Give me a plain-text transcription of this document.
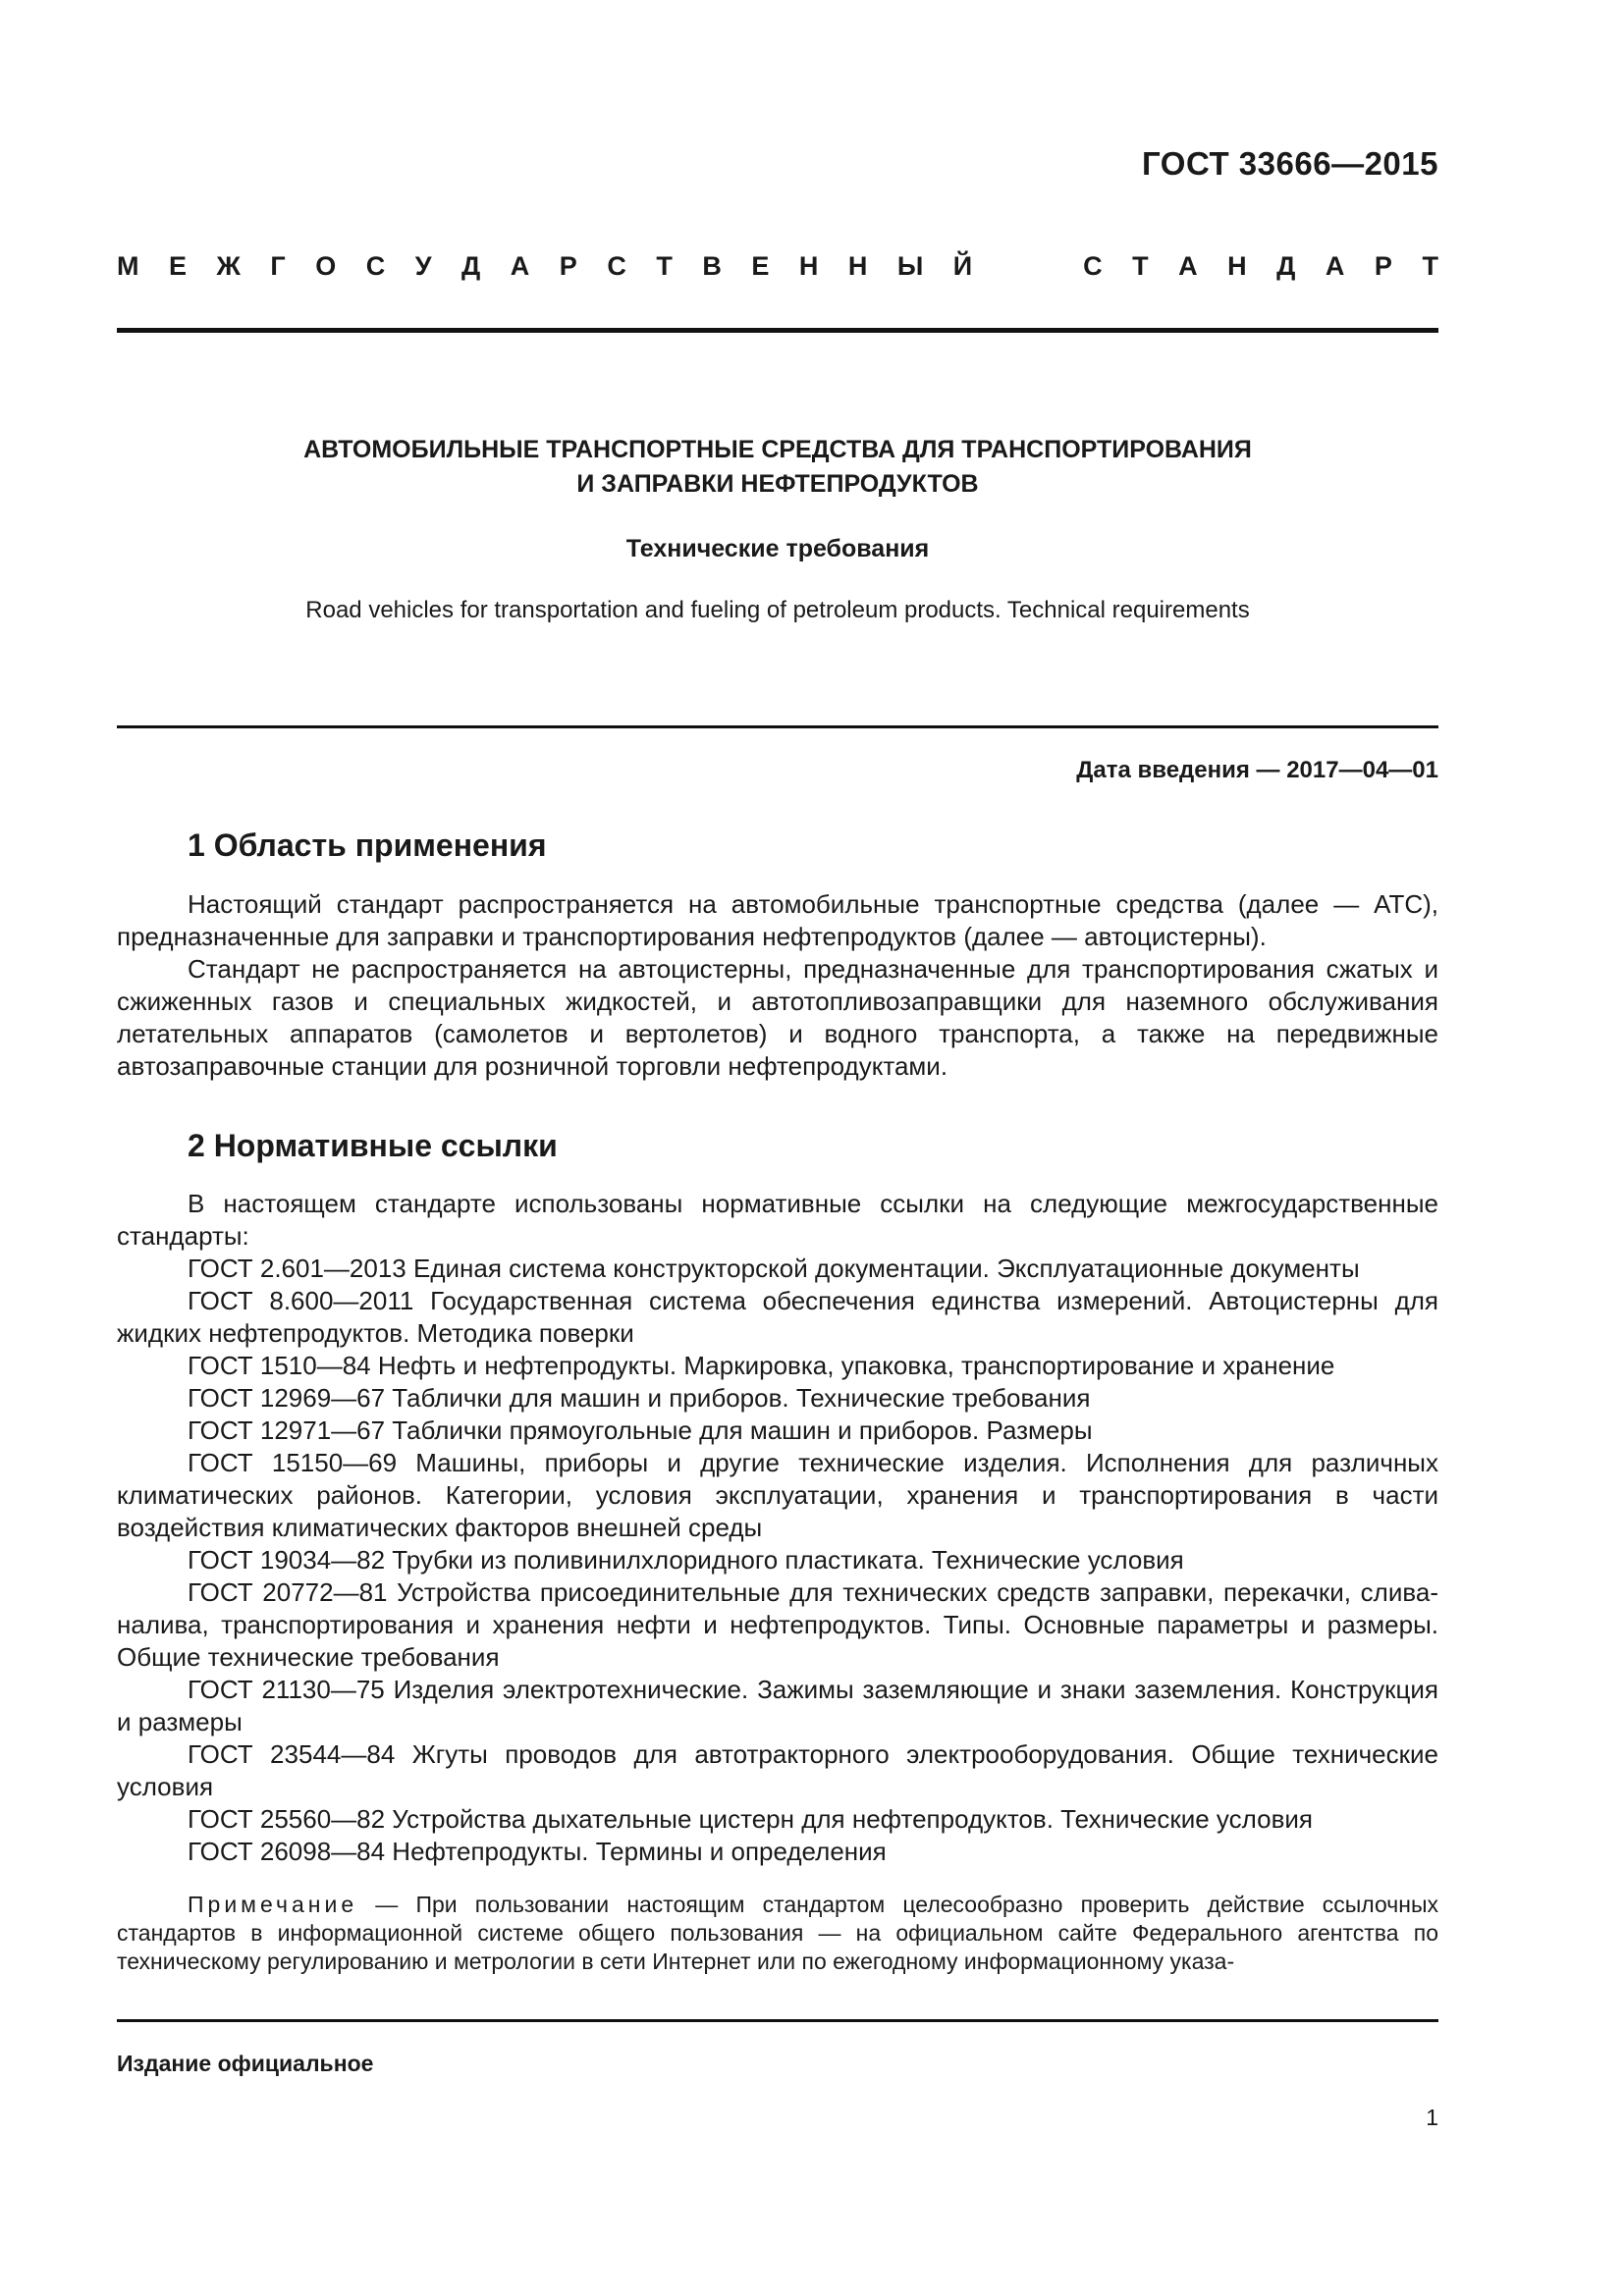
ГОСТ 33666—2015
М Е Ж Г О С У Д А Р С Т В Е Н Н Ы Й	С Т А Н Д А Р Т
АВТОМОБИЛЬНЫЕ ТРАНСПОРТНЫЕ СРЕДСТВА ДЛЯ ТРАНСПОРТИРОВАНИЯ
И ЗАПРАВКИ НЕФТЕПРОДУКТОВ
Технические требования
Road vehicles for transportation and fueling of petroleum products. Technical requirements
Дата введения — 2017—04—01
1 Область применения

Настоящий стандарт распространяется на автомобильные транспортные средства (далее — АТС), предназначенные для заправки и транспортирования нефтепродуктов (далее — автоцистерны).

Стандарт не распространяется на автоцистерны, предназначенные для транспортирования сжатых и сжиженных газов и специальных жидкостей, и автотопливозаправщики для наземного обслуживания летательных аппаратов (самолетов и вертолетов) и водного транспорта, а также на передвижные автозаправочные станции для розничной торговли нефтепродуктами.

2 Нормативные ссылки

В настоящем стандарте использованы нормативные ссылки на следующие межгосударственные стандарты:

ГОСТ 2.601—2013 Единая система конструкторской документации. Эксплуатационные документы

ГОСТ 8.600—2011 Государственная система обеспечения единства измерений. Автоцистерны для жидких нефтепродуктов. Методика поверки

ГОСТ 1510—84 Нефть и нефтепродукты. Маркировка, упаковка, транспортирование и хранение

ГОСТ 12969—67 Таблички для машин и приборов. Технические требования

ГОСТ 12971—67 Таблички прямоугольные для машин и приборов. Размеры

ГОСТ 15150—69 Машины, приборы и другие технические изделия. Исполнения для различных климатических районов. Категории, условия эксплуатации, хранения и транспортирования в части воздействия климатических факторов внешней среды

ГОСТ 19034—82 Трубки из поливинилхлоридного пластиката. Технические условия

ГОСТ 20772—81 Устройства присоединительные для технических средств заправки, перекачки, слива-налива, транспортирования и хранения нефти и нефтепродуктов. Типы. Основные параметры и размеры. Общие технические требования

ГОСТ 21130—75 Изделия электротехнические. Зажимы заземляющие и знаки заземления. Конструкция и размеры

ГОСТ 23544—84 Жгуты проводов для автотракторного электрооборудования. Общие технические условия

ГОСТ 25560—82 Устройства дыхательные цистерн для нефтепродуктов. Технические условия

ГОСТ 26098—84 Нефтепродукты. Термины и определения

Примечание — При пользовании настоящим стандартом целесообразно проверить действие ссылочных стандартов в информационной системе общего пользования — на официальном сайте Федерального агентства по техническому регулированию и метрологии в сети Интернет или по ежегодному информационному указа-
Издание официальное
1
